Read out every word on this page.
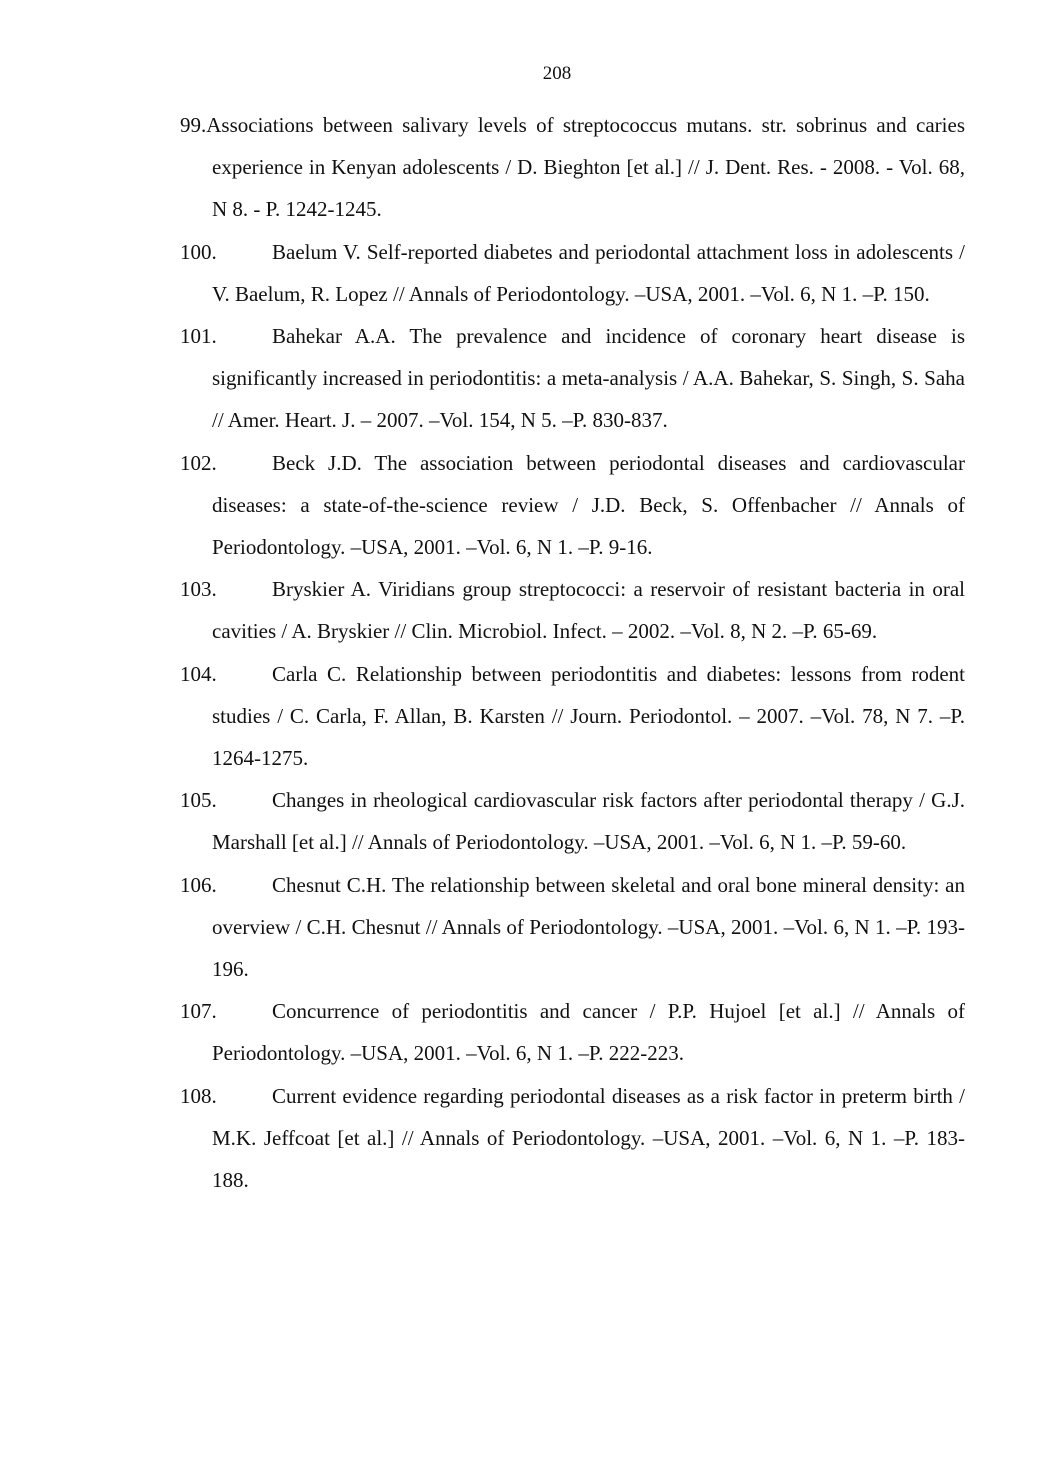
208
99.Associations between salivary levels of streptococcus mutans. str. sobrinus and caries experience in Kenyan adolescents / D. Bieghton [et al.] // J. Dent. Res. - 2008. - Vol. 68, N 8. - P. 1242-1245.
100.	Baelum V. Self-reported diabetes and periodontal attachment loss in adolescents / V. Baelum, R. Lopez // Annals of Periodontology. –USA, 2001. –Vol. 6, N 1. –P. 150.
101.	Bahekar A.A. The prevalence and incidence of coronary heart disease is significantly increased in periodontitis: a meta-analysis / A.A. Bahekar, S. Singh, S. Saha // Amer. Heart. J. – 2007. –Vol. 154, N 5. –P. 830-837.
102.	Beck J.D. The association between periodontal diseases and cardiovascular diseases: a state-of-the-science review / J.D. Beck, S. Offenbacher // Annals of Periodontology. –USA, 2001. –Vol. 6, N 1. –P. 9-16.
103.	Bryskier A. Viridians group streptococci: a reservoir of resistant bacteria in oral cavities / A. Bryskier // Clin. Microbiol. Infect. – 2002. –Vol. 8, N 2. –P. 65-69.
104.	Carla C. Relationship between periodontitis and diabetes: lessons from rodent studies / C. Carla, F. Allan, B. Karsten // Journ. Periodontol. – 2007. –Vol. 78, N 7. –P. 1264-1275.
105.	Changes in rheological cardiovascular risk factors after periodontal therapy / G.J. Marshall [et al.] // Annals of Periodontology. –USA, 2001. –Vol. 6, N 1. –P. 59-60.
106.	Chesnut C.H. The relationship between skeletal and oral bone mineral density: an overview / C.H. Chesnut // Annals of Periodontology. –USA, 2001. –Vol. 6, N 1. –P. 193-196.
107.	Concurrence of periodontitis and cancer / P.P. Hujoel [et al.] // Annals of Periodontology. –USA, 2001. –Vol. 6, N 1. –P. 222-223.
108.	Current evidence regarding periodontal diseases as a risk factor in preterm birth / M.K. Jeffcoat [et al.] // Annals of Periodontology. –USA, 2001. –Vol. 6, N 1. –P. 183-188.
